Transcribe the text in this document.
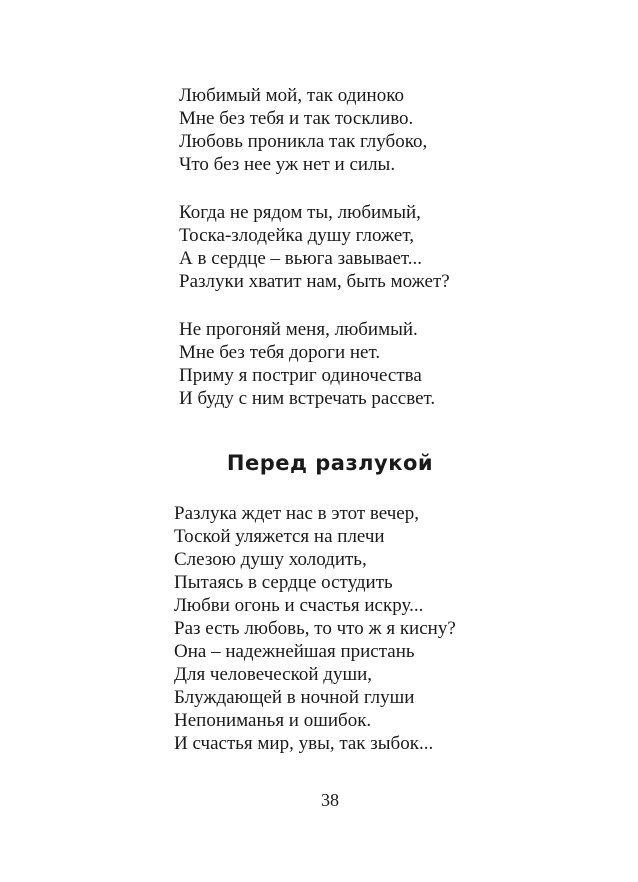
Любимый мой, так одиноко
Мне без тебя и так тоскливо.
Любовь проникла так глубоко,
Что без нее уж нет и силы.
Когда не рядом ты, любимый,
Тоска-злодейка душу гложет,
А в сердце – вьюга завывает...
Разлуки хватит нам, быть может?
Не прогоняй меня, любимый.
Мне без тебя дороги нет.
Приму я постриг одиночества
И буду с ним встречать рассвет.
Перед разлукой
Разлука ждет нас в этот вечер,
Тоской уляжется на плечи
Слезою душу холодить,
Пытаясь в сердце остудить
Любви огонь и счастья искру...
Раз есть любовь, то что ж я кисну?
Она – надежнейшая пристань
Для человеческой души,
Блуждающей в ночной глуши
Непониманья и ошибок.
И счастья мир, увы, так зыбок...

38
